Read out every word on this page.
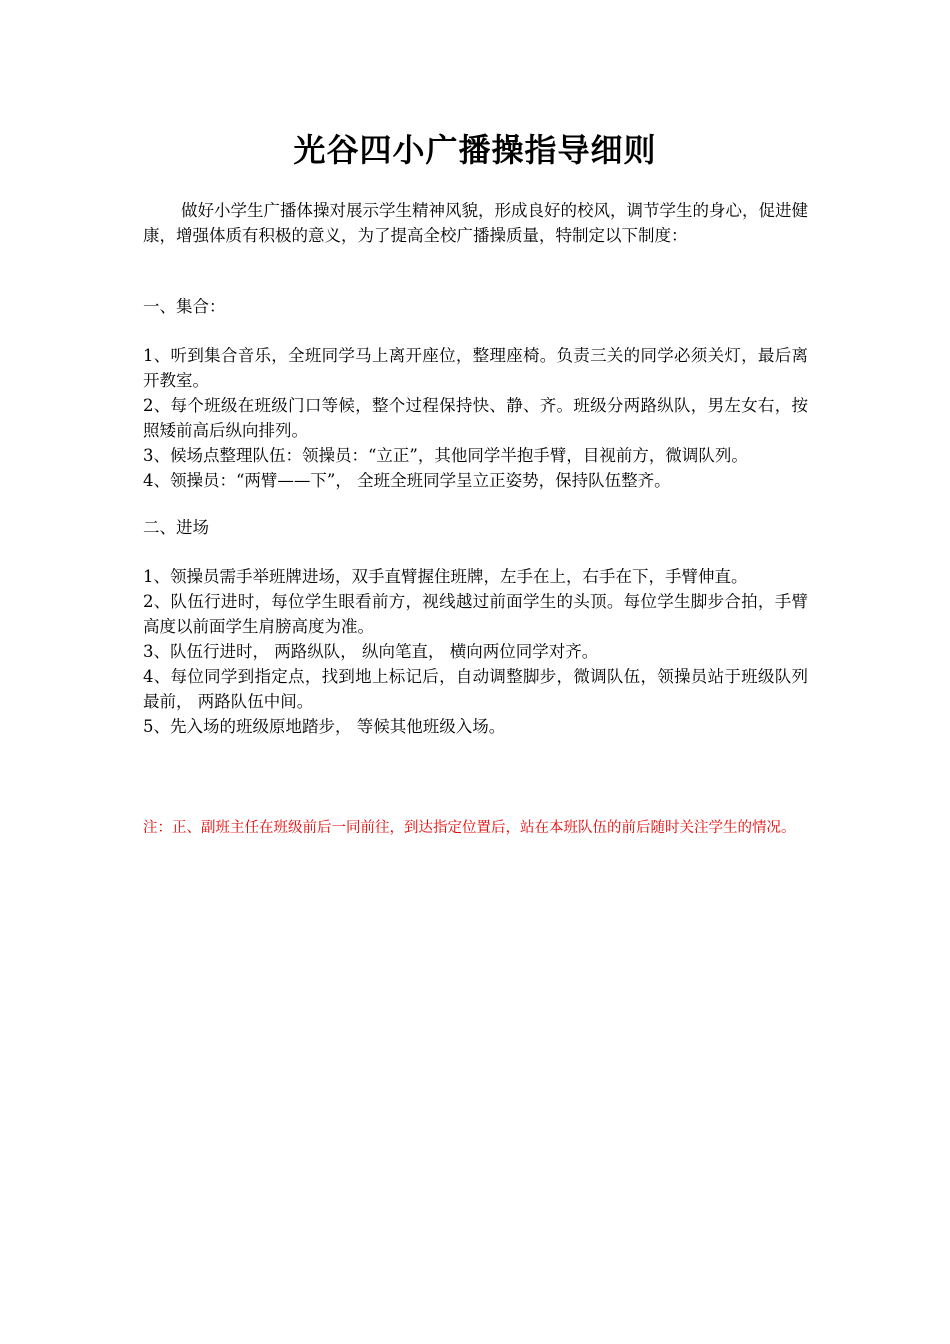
光谷四小广播操指导细则
做好小学生广播体操对展示学生精神风貌，形成良好的校风，调节学生的身心，促进健康，增强体质有积极的意义，为了提高全校广播操质量，特制定以下制度：
一、集合：

1、听到集合音乐，全班同学马上离开座位，整理座椅。负责三关的同学必须关灯，最后离开教室。

2、每个班级在班级门口等候，整个过程保持快、静、齐。班级分两路纵队，男左女右，按照矮前高后纵向排列。

3、候场点整理队伍：领操员：“立正”，其他同学半抱手臂，目视前方，微调队列。

4、领操员：“两臂——下”， 全班全班同学呈立正姿势，保持队伍整齐。

二、进场

1、领操员需手举班牌进场，双手直臂握住班牌，左手在上，右手在下，手臂伸直。

2、队伍行进时，每位学生眼看前方，视线越过前面学生的头顶。每位学生脚步合拍，手臂高度以前面学生肩膀高度为准。

3、队伍行进时， 两路纵队， 纵向笔直， 横向两位同学对齐。

4、每位同学到指定点，找到地上标记后，自动调整脚步，微调队伍，领操员站于班级队列最前， 两路队伍中间。

5、先入场的班级原地踏步， 等候其他班级入场。

注：正、副班主任在班级前后一同前往，到达指定位置后，站在本班队伍的前后随时关注学生的情况。
